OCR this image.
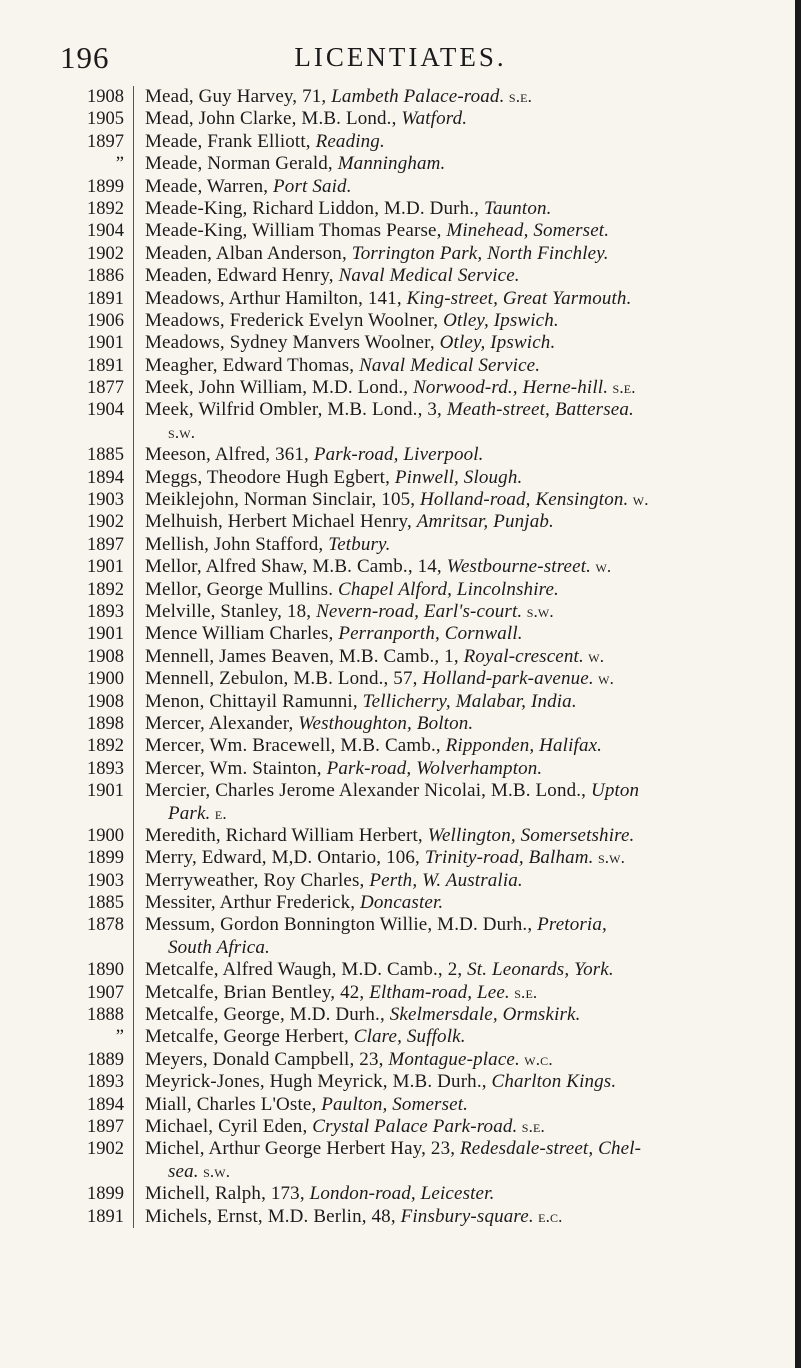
196	LICENTIATES.
1908 Mead, Guy Harvey, 71, Lambeth Palace-road. s.e.
1905 Mead, John Clarke, M.B. Lond., Watford.
1897 Meade, Frank Elliott, Reading.
” Meade, Norman Gerald, Manningham.
1899 Meade, Warren, Port Said.
1892 Meade-King, Richard Liddon, M.D. Durh., Taunton.
1904 Meade-King, William Thomas Pearse, Minehead, Somerset.
1902 Meaden, Alban Anderson, Torrington Park, North Finchley.
1886 Meaden, Edward Henry, Naval Medical Service.
1891 Meadows, Arthur Hamilton, 141, King-street, Great Yarmouth.
1906 Meadows, Frederick Evelyn Woolner, Otley, Ipswich.
1901 Meadows, Sydney Manvers Woolner, Otley, Ipswich.
1891 Meagher, Edward Thomas, Naval Medical Service.
1877 Meek, John William, M.D. Lond., Norwood-rd., Herne-hill. s.e.
1904 Meek, Wilfrid Ombler, M.B. Lond., 3, Meath-street, Battersea.
s.w.
1885 Meeson, Alfred, 361, Park-road, Liverpool.
1894 Meggs, Theodore Hugh Egbert, Pinwell, Slough.
1903 Meiklejohn, Norman Sinclair, 105, Holland-road, Kensington. w.
1902 Melhuish, Herbert Michael Henry, Amritsar, Punjab.
1897 Mellish, John Stafford, Tetbury.
1901 Mellor, Alfred Shaw, M.B. Camb., 14, Westbourne-street. w.
1892 Mellor, George Mullins. Chapel Alford, Lincolnshire.
1893 Melville, Stanley, 18, Nevern-road, Earl's-court. s.w.
1901 Mence William Charles, Perranporth, Cornwall.
1908 Mennell, James Beaven, M.B. Camb., 1, Royal-crescent. w.
1900 Mennell, Zebulon, M.B. Lond., 57, Holland-park-avenue. w.
1908 Menon, Chittayil Ramunni, Tellicherry, Malabar, India.
1898 Mercer, Alexander, Westhoughton, Bolton.
1892 Mercer, Wm. Bracewell, M.B. Camb., Ripponden, Halifax.
1893 Mercer, Wm. Stainton, Park-road, Wolverhampton.
1901 Mercier, Charles Jerome Alexander Nicolai, M.B. Lond., Upton
Park. e.
1900 Meredith, Richard William Herbert, Wellington, Somersetshire.
1899 Merry, Edward, M,D. Ontario, 106, Trinity-road, Balham. s.w.
1903 Merryweather, Roy Charles, Perth, W. Australia.
1885 Messiter, Arthur Frederick, Doncaster.
1878 Messum, Gordon Bonnington Willie, M.D. Durh., Pretoria,
South Africa.
1890 Metcalfe, Alfred Waugh, M.D. Camb., 2, St. Leonards, York.
1907 Metcalfe, Brian Bentley, 42, Eltham-road, Lee. s.e.
1888 Metcalfe, George, M.D. Durh., Skelmersdale, Ormskirk.
” Metcalfe, George Herbert, Clare, Suffolk.
1889 Meyers, Donald Campbell, 23, Montague-place. w.c.
1893 Meyrick-Jones, Hugh Meyrick, M.B. Durh., Charlton Kings.
1894 Miall, Charles L'Oste, Paulton, Somerset.
1897 Michael, Cyril Eden, Crystal Palace Park-road. s.e.
1902 Michel, Arthur George Herbert Hay, 23, Redesdale-street, Chel-
sea. s.w.
1899 Michell, Ralph, 173, London-road, Leicester.
1891 Michels, Ernst, M.D. Berlin, 48, Finsbury-square. e.c.
